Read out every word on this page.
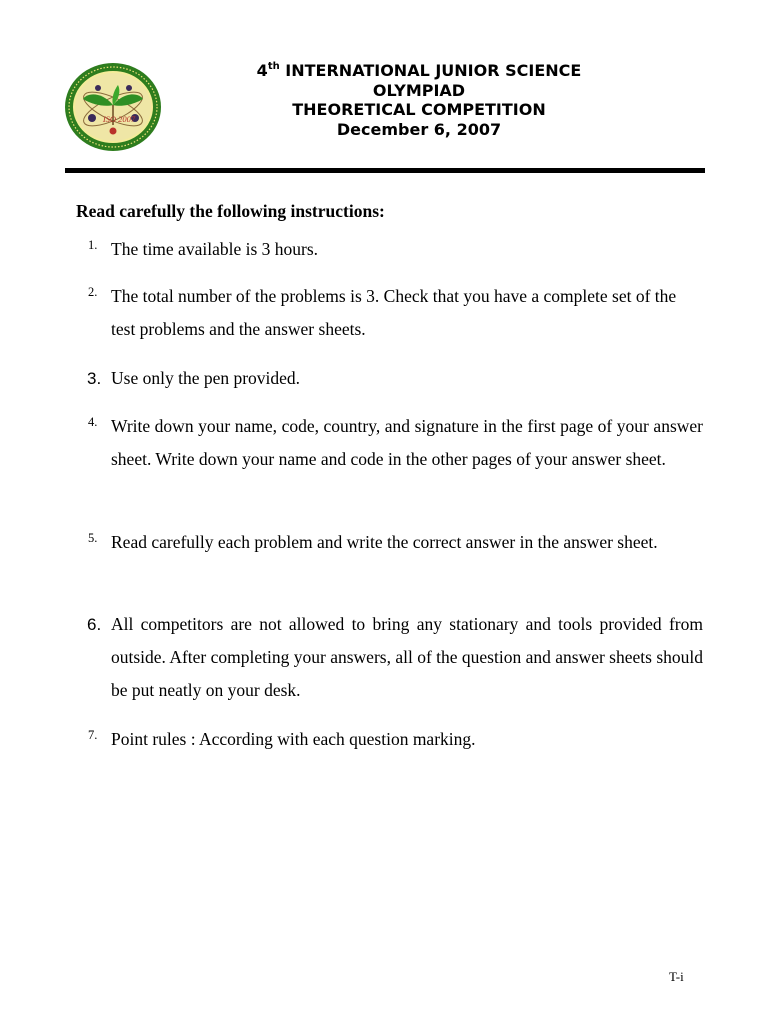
ISO 2007
4th INTERNATIONAL JUNIOR SCIENCE
OLYMPIAD
THEORETICAL COMPETITION
December 6, 2007
Read carefully the following instructions:
1. The time available is 3 hours.

2. The total number of the problems is 3. Check that you have a complete set of the test problems and the answer sheets.

3. Use only the pen provided.

4. Write down your name, code, country, and signature in the first page of your answer sheet. Write down your name and code in the other pages of your answer sheet.

5. Read carefully each problem and write the correct answer in the answer sheet.

6. All competitors are not allowed to bring any stationary and tools provided from outside. After completing your answers, all of the question and answer sheets should be put neatly on your desk.

7. Point rules : According with each question marking.

T-i
